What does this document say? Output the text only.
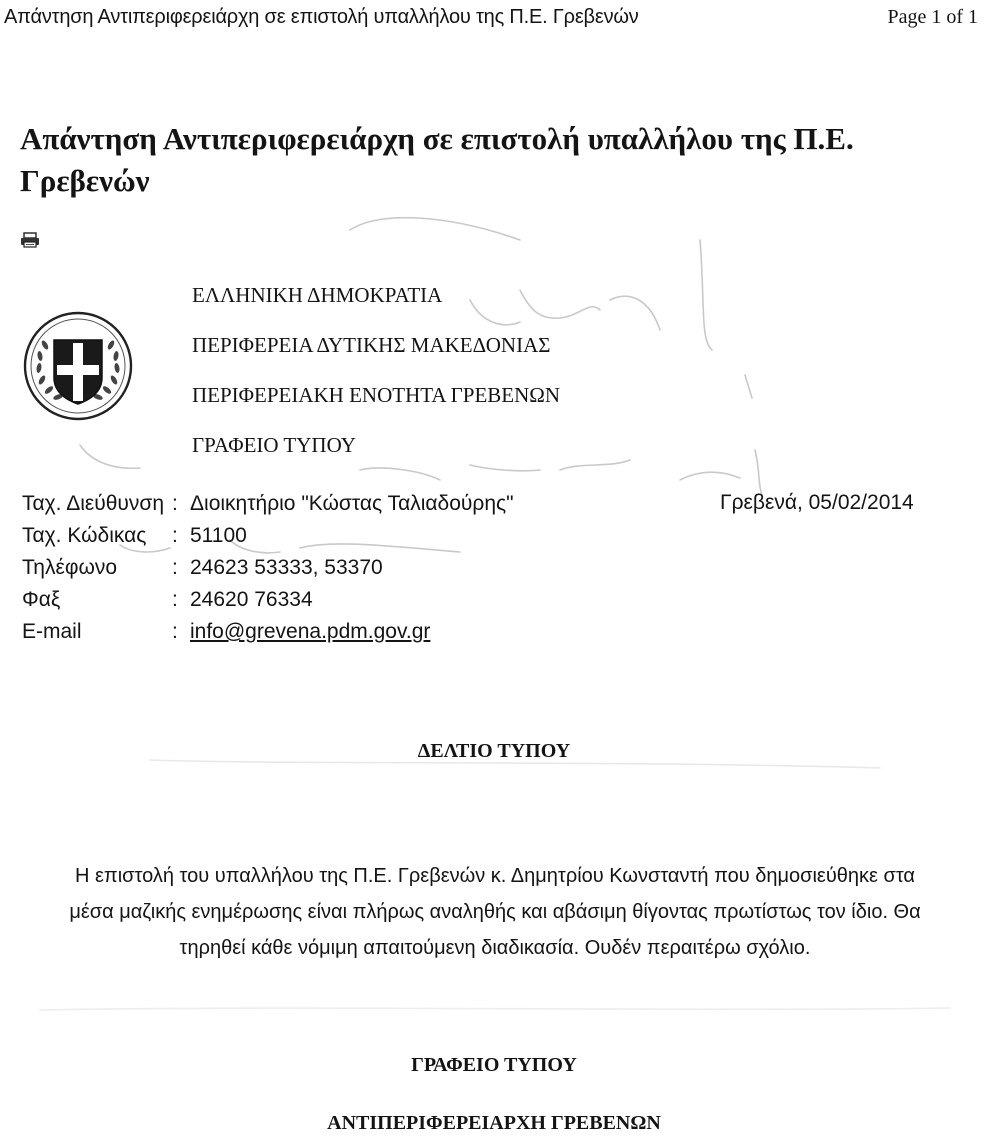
Απάντηση Αντιπεριφερειάρχη σε επιστολή υπαλλήλου της Π.Ε. Γρεβενών	Page 1 of 1
Απάντηση Αντιπεριφερειάρχη σε επιστολή υπαλλήλου της Π.Ε. Γρεβενών
ΕΛΛΗΝΙΚΗ ΔΗΜΟΚΡΑΤΙΑ
ΠΕΡΙΦΕΡΕΙΑ ΔΥΤΙΚΗΣ ΜΑΚΕΔΟΝΙΑΣ
ΠΕΡΙΦΕΡΕΙΑΚΗ ΕΝΟΤΗΤΑ ΓΡΕΒΕΝΩΝ
ΓΡΑΦΕΙΟ ΤΥΠΟΥ
Ταχ. Διεύθυνση : Διοικητήριο "Κώστας Ταλιαδούρης"
Ταχ. Κώδικας : 51100
Τηλέφωνο	: 24623 53333, 53370
Φαξ	: 24620 76334
E-mail	: info@grevena.pdm.gov.gr
Γρεβενά, 05/02/2014
ΔΕΛΤΙΟ ΤΥΠΟΥ
Η επιστολή του υπαλλήλου της Π.Ε. Γρεβενών κ. Δημητρίου Κωνσταντή που δημοσιεύθηκε στα
μέσα μαζικής ενημέρωσης είναι πλήρως αναληθής και αβάσιμη θίγοντας πρωτίστως τον ίδιο. Θα
τηρηθεί κάθε νόμιμη απαιτούμενη διαδικασία. Ουδέν περαιτέρω σχόλιο.
ΓΡΑΦΕΙΟ ΤΥΠΟΥ
ΑΝΤΙΠΕΡΙΦΕΡΕΙΑΡΧΗ ΓΡΕΒΕΝΩΝ
